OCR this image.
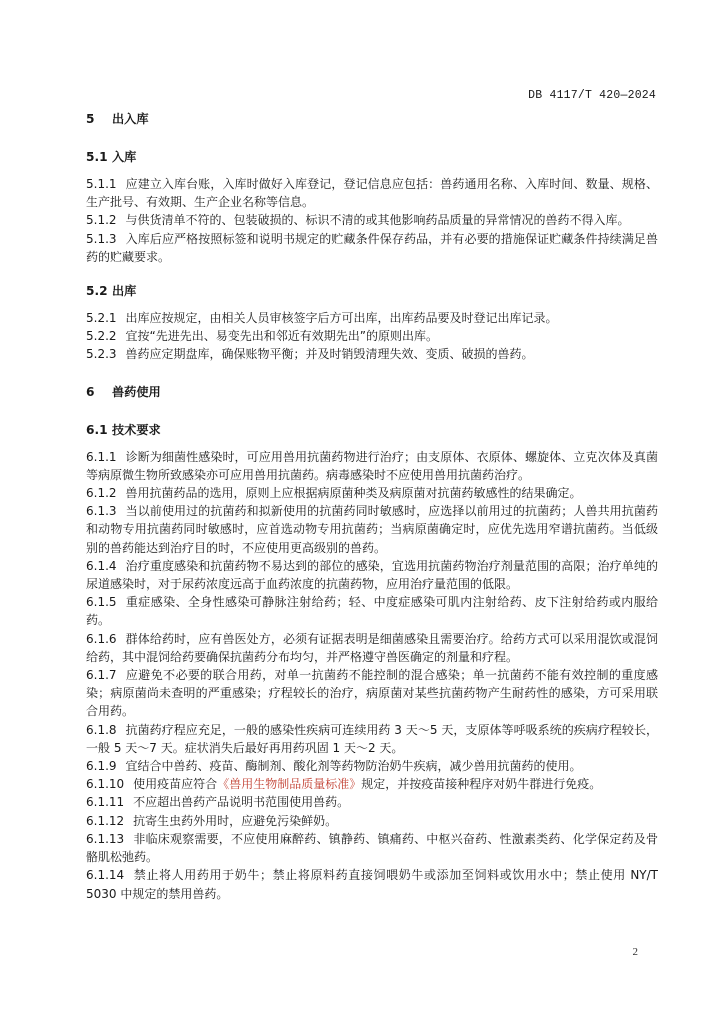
DB 4117/T 420—2024
5 出入库
5.1 入库

5.1.1 应建立入库台账，入库时做好入库登记，登记信息应包括：兽药通用名称、入库时间、数量、规格、生产批号、有效期、生产企业名称等信息。

5.1.2 与供货清单不符的、包装破损的、标识不清的或其他影响药品质量的异常情况的兽药不得入库。

5.1.3 入库后应严格按照标签和说明书规定的贮藏条件保存药品，并有必要的措施保证贮藏条件持续满足兽药的贮藏要求。

5.2 出库

5.2.1 出库应按规定，由相关人员审核签字后方可出库，出库药品要及时登记出库记录。

5.2.2 宜按“先进先出、易变先出和邻近有效期先出”的原则出库。

5.2.3 兽药应定期盘库，确保账物平衡；并及时销毁清理失效、变质、破损的兽药。

6 兽药使用
6.1 技术要求

6.1.1 诊断为细菌性感染时，可应用兽用抗菌药物进行治疗；由支原体、衣原体、螺旋体、立克次体及真菌等病原微生物所致感染亦可应用兽用抗菌药。病毒感染时不应使用兽用抗菌药治疗。

6.1.2 兽用抗菌药品的选用，原则上应根据病原菌种类及病原菌对抗菌药敏感性的结果确定。

6.1.3 当以前使用过的抗菌药和拟新使用的抗菌药同时敏感时，应选择以前用过的抗菌药；人兽共用抗菌药和动物专用抗菌药同时敏感时，应首选动物专用抗菌药；当病原菌确定时，应优先选用窄谱抗菌药。当低级别的兽药能达到治疗目的时，不应使用更高级别的兽药。

6.1.4 治疗重度感染和抗菌药物不易达到的部位的感染，宜选用抗菌药物治疗剂量范围的高限；治疗单纯的尿道感染时，对于尿药浓度远高于血药浓度的抗菌药物，应用治疗量范围的低限。

6.1.5 重症感染、全身性感染可静脉注射给药；轻、中度症感染可肌内注射给药、皮下注射给药或内服给药。

6.1.6 群体给药时，应有兽医处方，必须有证据表明是细菌感染且需要治疗。给药方式可以采用混饮或混饲给药，其中混饲给药要确保抗菌药分布均匀，并严格遵守兽医确定的剂量和疗程。

6.1.7 应避免不必要的联合用药，对单一抗菌药不能控制的混合感染；单一抗菌药不能有效控制的重度感染；病原菌尚未查明的严重感染；疗程较长的治疗，病原菌对某些抗菌药物产生耐药性的感染，方可采用联合用药。

6.1.8 抗菌药疗程应充足，一般的感染性疾病可连续用药 3 天～5 天，支原体等呼吸系统的疾病疗程较长，一般 5 天～7 天。症状消失后最好再用药巩固 1 天～2 天。

6.1.9 宜结合中兽药、疫苗、酶制剂、酸化剂等药物防治奶牛疾病，减少兽用抗菌药的使用。

6.1.10 使用疫苗应符合《兽用生物制品质量标准》规定，并按疫苗接种程序对奶牛群进行免疫。

6.1.11 不应超出兽药产品说明书范围使用兽药。

6.1.12 抗寄生虫药外用时，应避免污染鲜奶。

6.1.13 非临床观察需要，不应使用麻醉药、镇静药、镇痛药、中枢兴奋药、性激素类药、化学保定药及骨骼肌松弛药。

6.1.14 禁止将人用药用于奶牛；禁止将原料药直接饲喂奶牛或添加至饲料或饮用水中；禁止使用 NY/T 5030 中规定的禁用兽药。

2
